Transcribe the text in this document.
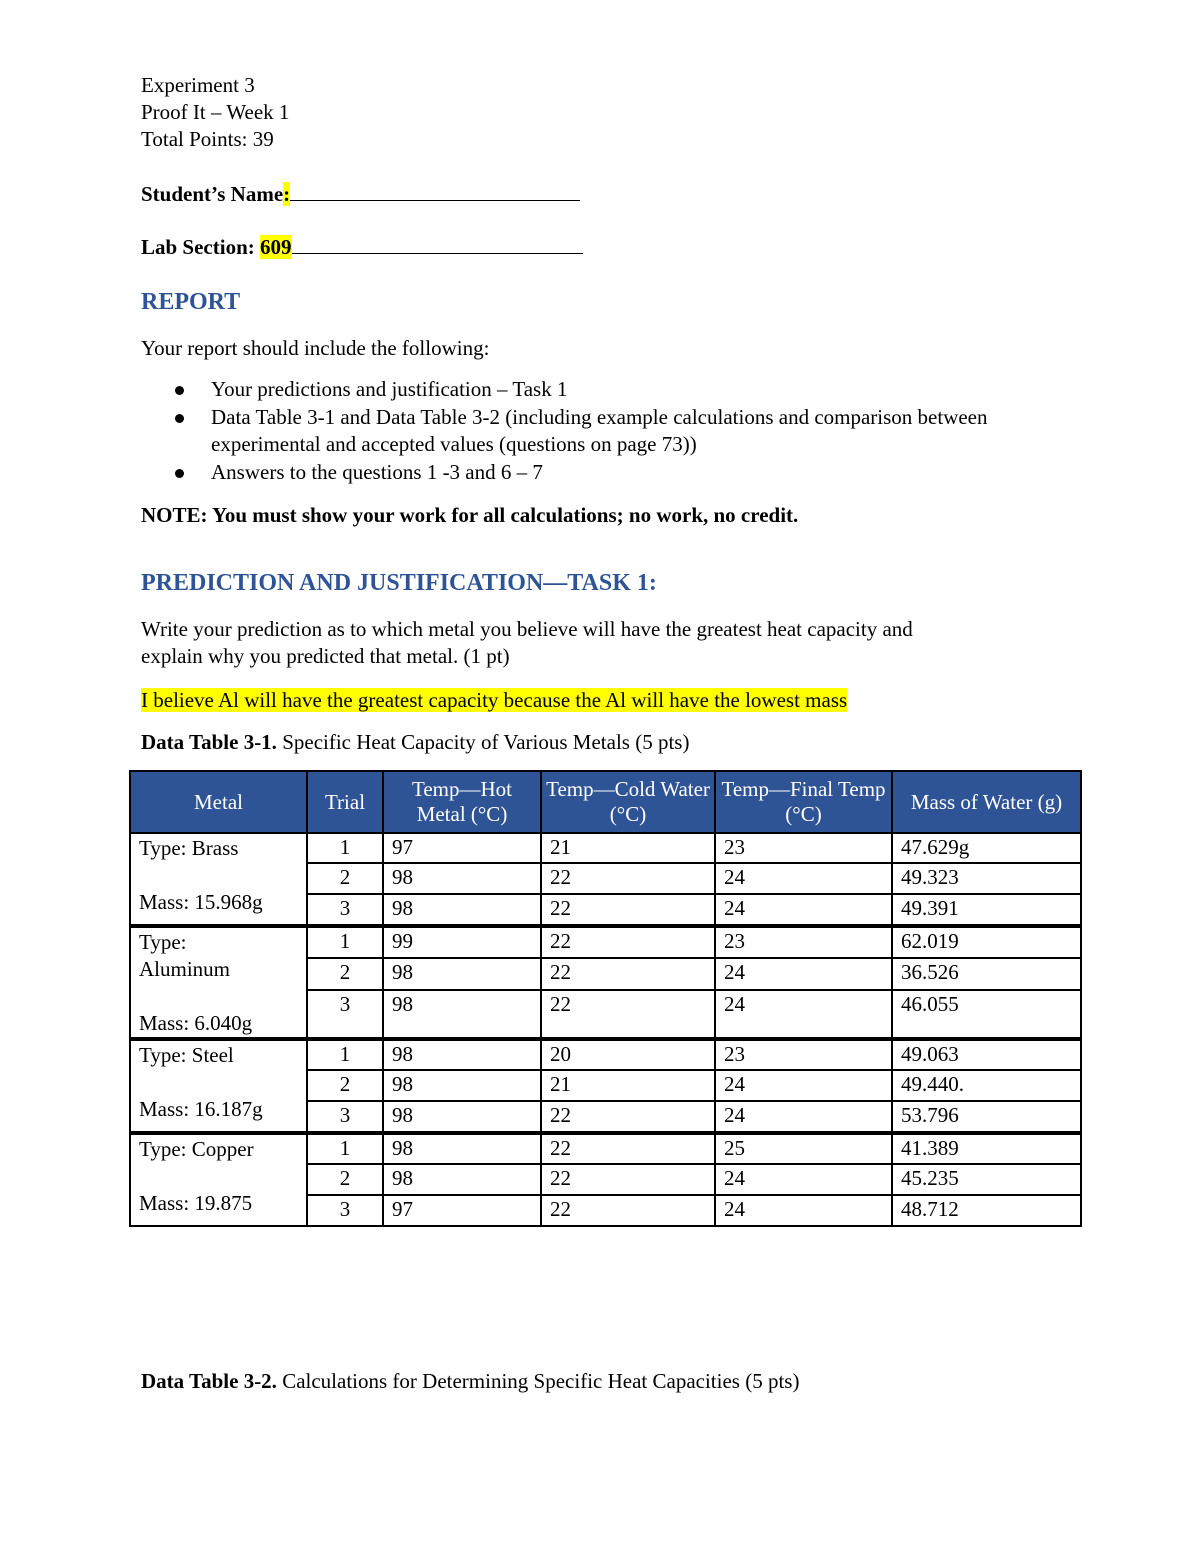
Experiment 3
Proof It – Week 1
Total Points: 39
Student’s Name:
Lab Section: 609
REPORT
Your report should include the following:
Your predictions and justification – Task 1
Data Table 3-1 and Data Table 3-2 (including example calculations and comparison between experimental and accepted values (questions on page 73))
Answers to the questions 1 -3 and 6 – 7
NOTE: You must show your work for all calculations; no work, no credit.
PREDICTION AND JUSTIFICATION—TASK 1:
Write your prediction as to which metal you believe will have the greatest heat capacity and
explain why you predicted that metal. (1 pt)
I believe Al will have the greatest capacity because the Al will have the lowest mass
Data Table 3-1. Specific Heat Capacity of Various Metals (5 pts)
Metal	Trial	Temp—Hot Metal (°C)	Temp—Cold Water (°C)	Temp—Final Temp (°C)	Mass of Water (g)

Type: Brass
Mass: 15.968g	1	97	21	23	47.629g
	2	98	22	24	49.323
	3	98	22	24	49.391

Type:
Aluminum
Mass: 6.040g	1	99	22	23	62.019
	2	98	22	24	36.526
	3	98	22	24	46.055

Type: Steel
Mass: 16.187g	1	98	20	23	49.063
	2	98	21	24	49.440.
	3	98	22	24	53.796

Type: Copper
Mass: 19.875	1	98	22	25	41.389
	2	98	22	24	45.235
	3	97	22	24	48.712
Data Table 3-2. Calculations for Determining Specific Heat Capacities (5 pts)
